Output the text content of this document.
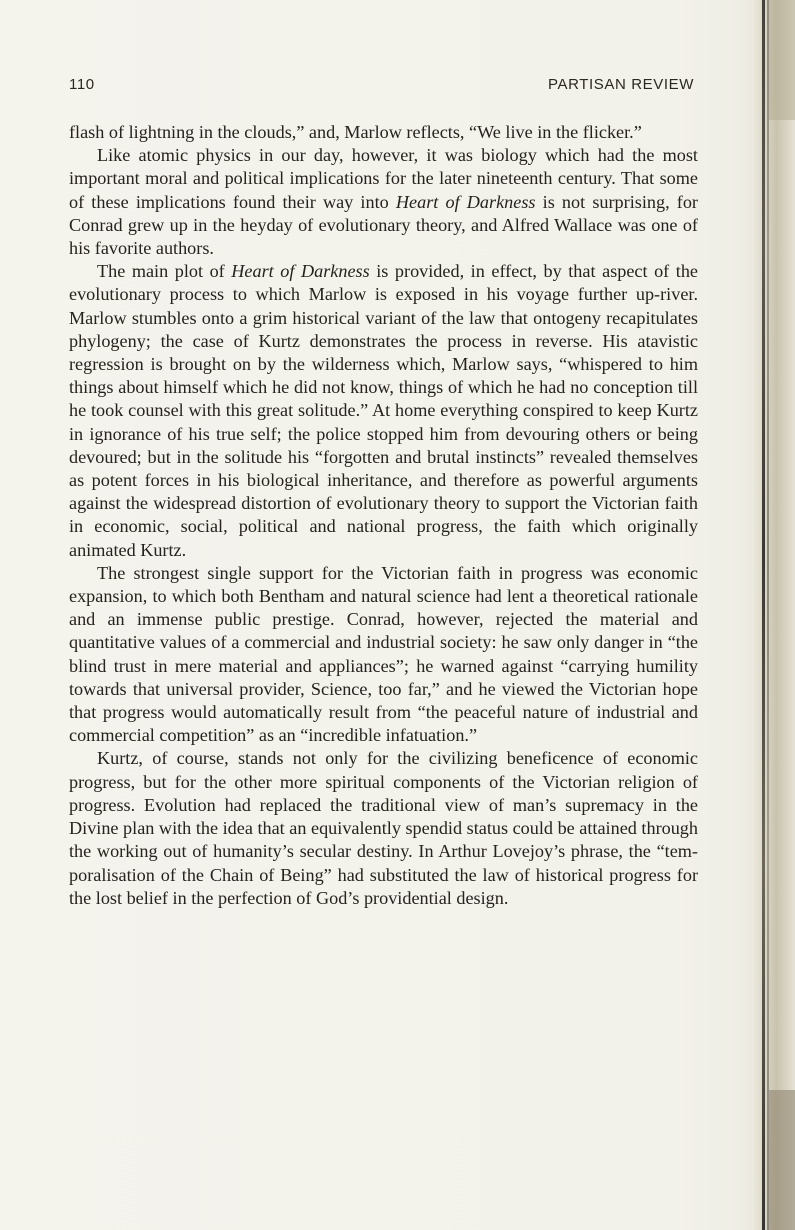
110	PARTISAN REVIEW

flash of lightning in the clouds,” and, Marlow reflects, “We live in the flicker.”

Like atomic physics in our day, however, it was biology which had the most important moral and political implications for the later nineteenth century. That some of these implications found their way into Heart of Darkness is not surprising, for Conrad grew up in the heyday of evolutionary theory, and Alfred Wallace was one of his favorite authors.

The main plot of Heart of Darkness is provided, in effect, by that aspect of the evolutionary process to which Marlow is exposed in his voyage further up-river. Marlow stumbles onto a grim historical variant of the law that ontogeny recapitulates phylogeny; the case of Kurtz demonstrates the process in reverse. His atavistic regression is brought on by the wilderness which, Marlow says, “whispered to him things about himself which he did not know, things of which he had no conception till he took counsel with this great solitude.” At home everything conspired to keep Kurtz in ignorance of his true self; the police stopped him from devouring others or being devoured; but in the solitude his “forgotten and brutal instincts” revealed themselves as potent forces in his biological inheritance, and therefore as powerful arguments against the widespread distortion of evolutionary theory to support the Victorian faith in economic, social, political and national progress, the faith which originally animated Kurtz.

The strongest single support for the Victorian faith in progress was economic expansion, to which both Bentham and natural science had lent a theoretical rationale and an immense public prestige. Conrad, however, rejected the material and quantitative values of a commercial and industrial society: he saw only danger in “the blind trust in mere material and appliances”; he warned against “carrying humility towards that universal provider, Science, too far,” and he viewed the Victorian hope that progress would automatically result from “the peaceful nature of industrial and commercial competition” as an “incredible infatuation.”

Kurtz, of course, stands not only for the civilizing beneficence of economic progress, but for the other more spiritual components of the Victorian religion of progress. Evolution had replaced the traditional view of man’s supremacy in the Divine plan with the idea that an equivalently spendid status could be attained through the working out of humanity’s secular destiny. In Arthur Lovejoy’s phrase, the “tem-poralisation of the Chain of Being” had substituted the law of historical progress for the lost belief in the perfection of God’s providential design.
